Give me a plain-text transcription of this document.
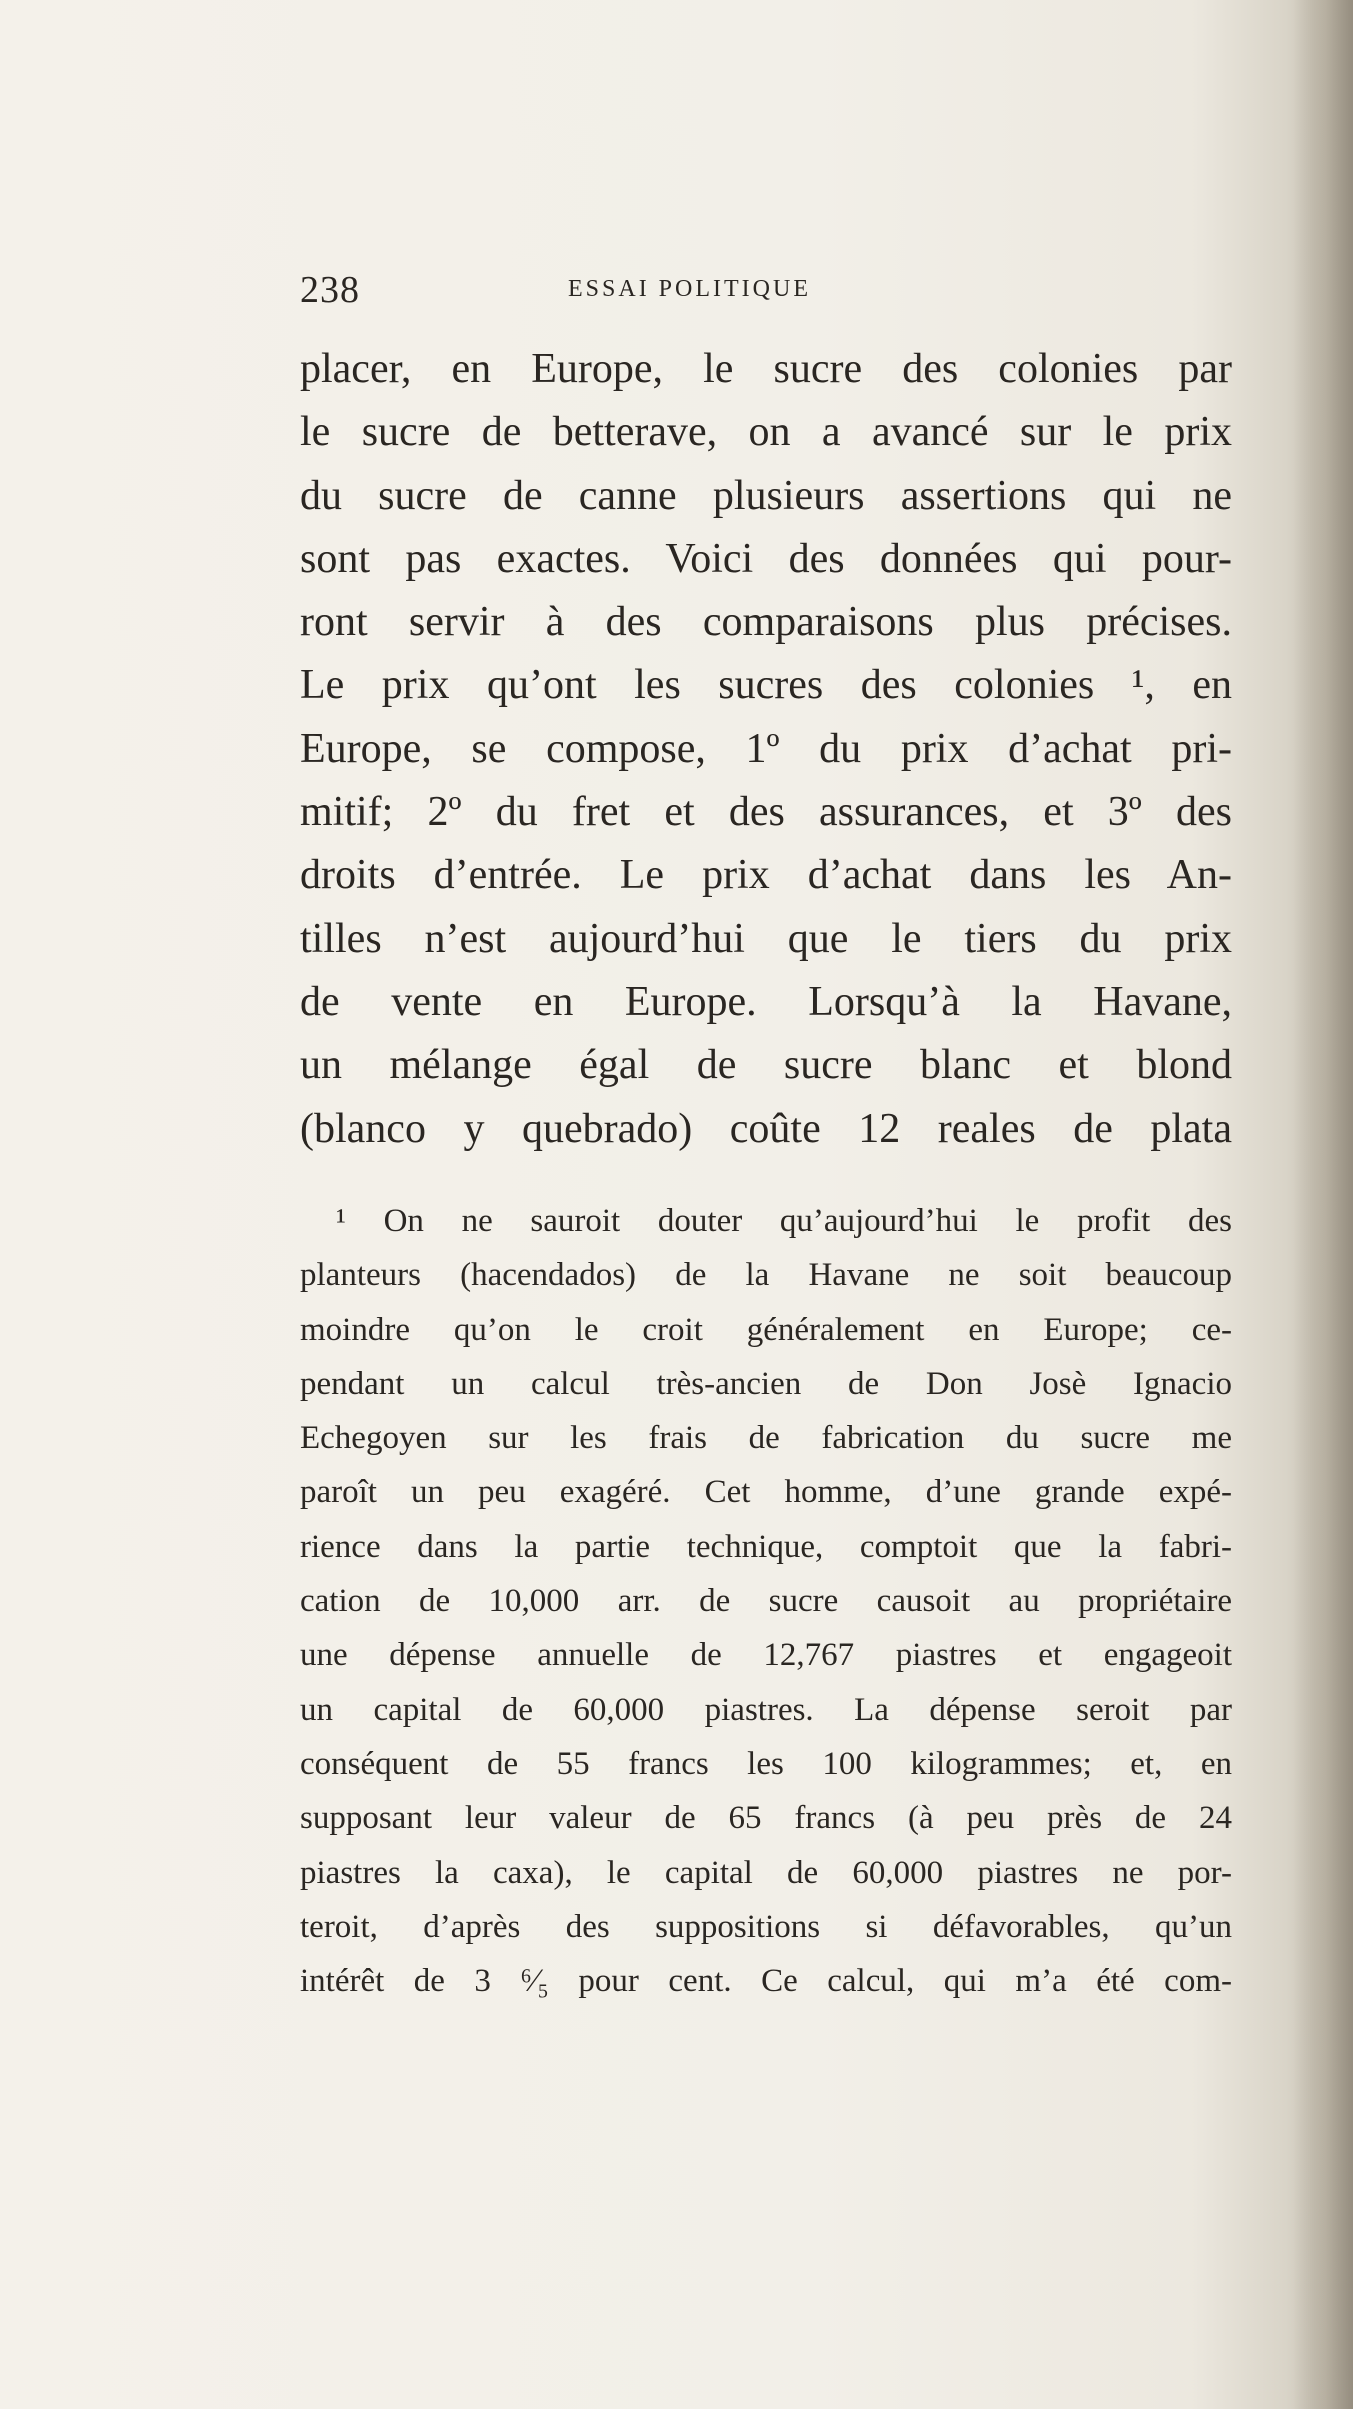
238	ESSAI POLITIQUE
placer, en Europe, le sucre des colonies par
le sucre de betterave, on a avancé sur le prix
du sucre de canne plusieurs assertions qui ne
sont pas exactes. Voici des données qui pour-
ront servir à des comparaisons plus précises.
Le prix qu’ont les sucres des colonies ¹, en
Europe, se compose, 1º du prix d’achat pri-
mitif; 2º du fret et des assurances, et 3º des
droits d’entrée. Le prix d’achat dans les An-
tilles n’est aujourd’hui que le tiers du prix
de vente en Europe. Lorsqu’à la Havane,
un mélange égal de sucre blanc et blond
(blanco y quebrado) coûte 12 reales de plata
¹ On ne sauroit douter qu’aujourd’hui le profit des
planteurs (hacendados) de la Havane ne soit beaucoup
moindre qu’on le croit généralement en Europe; ce-
pendant un calcul très-ancien de Don Josè Ignacio
Echegoyen sur les frais de fabrication du sucre me
paroît un peu exagéré. Cet homme, d’une grande expé-
rience dans la partie technique, comptoit que la fabri-
cation de 10,000 arr. de sucre causoit au propriétaire
une dépense annuelle de 12,767 piastres et engageoit
un capital de 60,000 piastres. La dépense seroit par
conséquent de 55 francs les 100 kilogrammes; et, en
supposant leur valeur de 65 francs (à peu près de 24
piastres la caxa), le capital de 60,000 piastres ne por-
teroit, d’après des suppositions si défavorables, qu’un
intérêt de 3 ⁶⁄₅ pour cent. Ce calcul, qui m’a été com-
